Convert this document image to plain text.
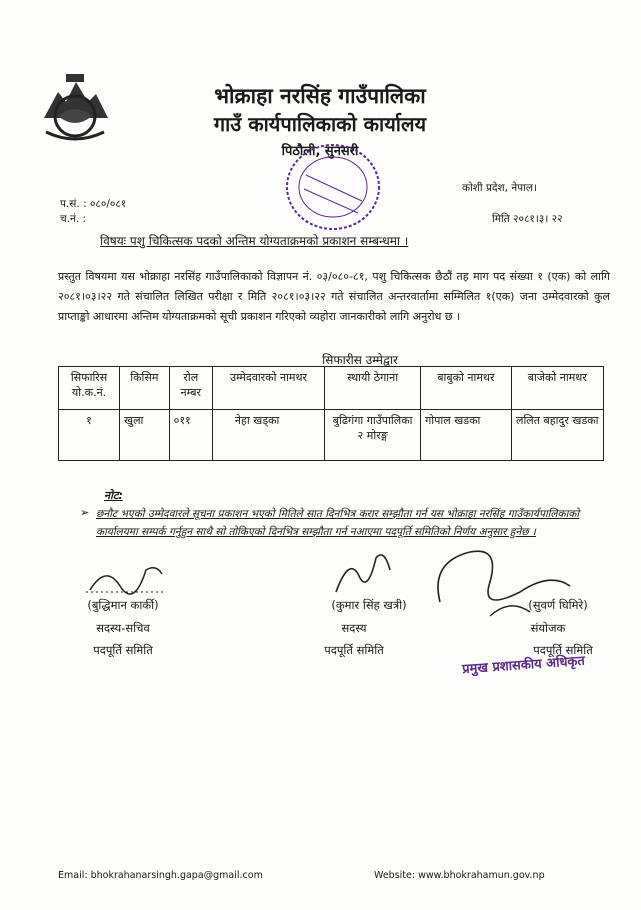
भोक्राहा नरसिंह गाउँपालिका
गाउँ कार्यपालिकाको कार्यालय
पिठौली, सुनसरी
कोशी प्रदेश, नेपाल।
प.सं. : ०८०/०८१
च.नं. :	मिति २०८१।३। २२
विषयः पशु चिकित्सक पदको अन्तिम योग्यताक्रमको प्रकाशन सम्बन्धमा ।
प्रस्तुत विषयमा यस भोक्राहा नरसिंह गाउँपालिकाको विज्ञापन नं. ०३/०८०-८१, पशु चिकित्सक छैठौं तह माग पद संख्या १ (एक) को लागि २०८१।०३।२२ गते संचालित लिखित परीक्षा र मिति २०८१।०३।२२ गते संचालित अन्तरवार्तामा सम्मिलित १(एक) जना उम्मेदवारको कुल प्राप्ताङ्को आधारमा अन्तिम योग्यताक्रमको सूची प्रकाशन गरिएको व्यहोरा जानकारीको लागि अनुरोध छ ।
सिफारीस उम्मेद्वार
सिफारिस यो.क.नं.	किसिम	रोल नम्बर	उम्मेदवारको नामथर	स्थायी ठेगाना	बाबुको नामथर	बाजेको नामथर
१	खुला	०११	नेहा खड्का	बुढिगंगा गाउँपालिका २ मोरङ्ग	गोपाल खडका	ललित बहादुर खडका
नोट:
➢ छनौट भएको उम्मेदवारले सूचना प्रकाशन भएको मितिले सात दिनभित्र करार सम्झौता गर्न यस भोक्राहा नरसिंह गाउँकार्यपालिकाको कार्यालयमा सम्पर्क गर्नुहुन साथै सो तोकिएको दिनभित्र सम्झौता गर्न नआएमा पदपूर्ति समितिको निर्णय अनुसार हुनेछ ।
(बुद्धिमान कार्की)
सदस्य-सचिव
पदपूर्ति समिति
(कुमार सिंह खत्री)
सदस्य
पदपूर्ति समिति
(सुवर्ण घिमिरे)
संयोजक
पदपूर्ति समिति
प्रमुख प्रशासकीय अधिकृत
Email: bhokrahanarsingh.gapa@gmail.com	Website: www.bhokrahamun.gov.np
